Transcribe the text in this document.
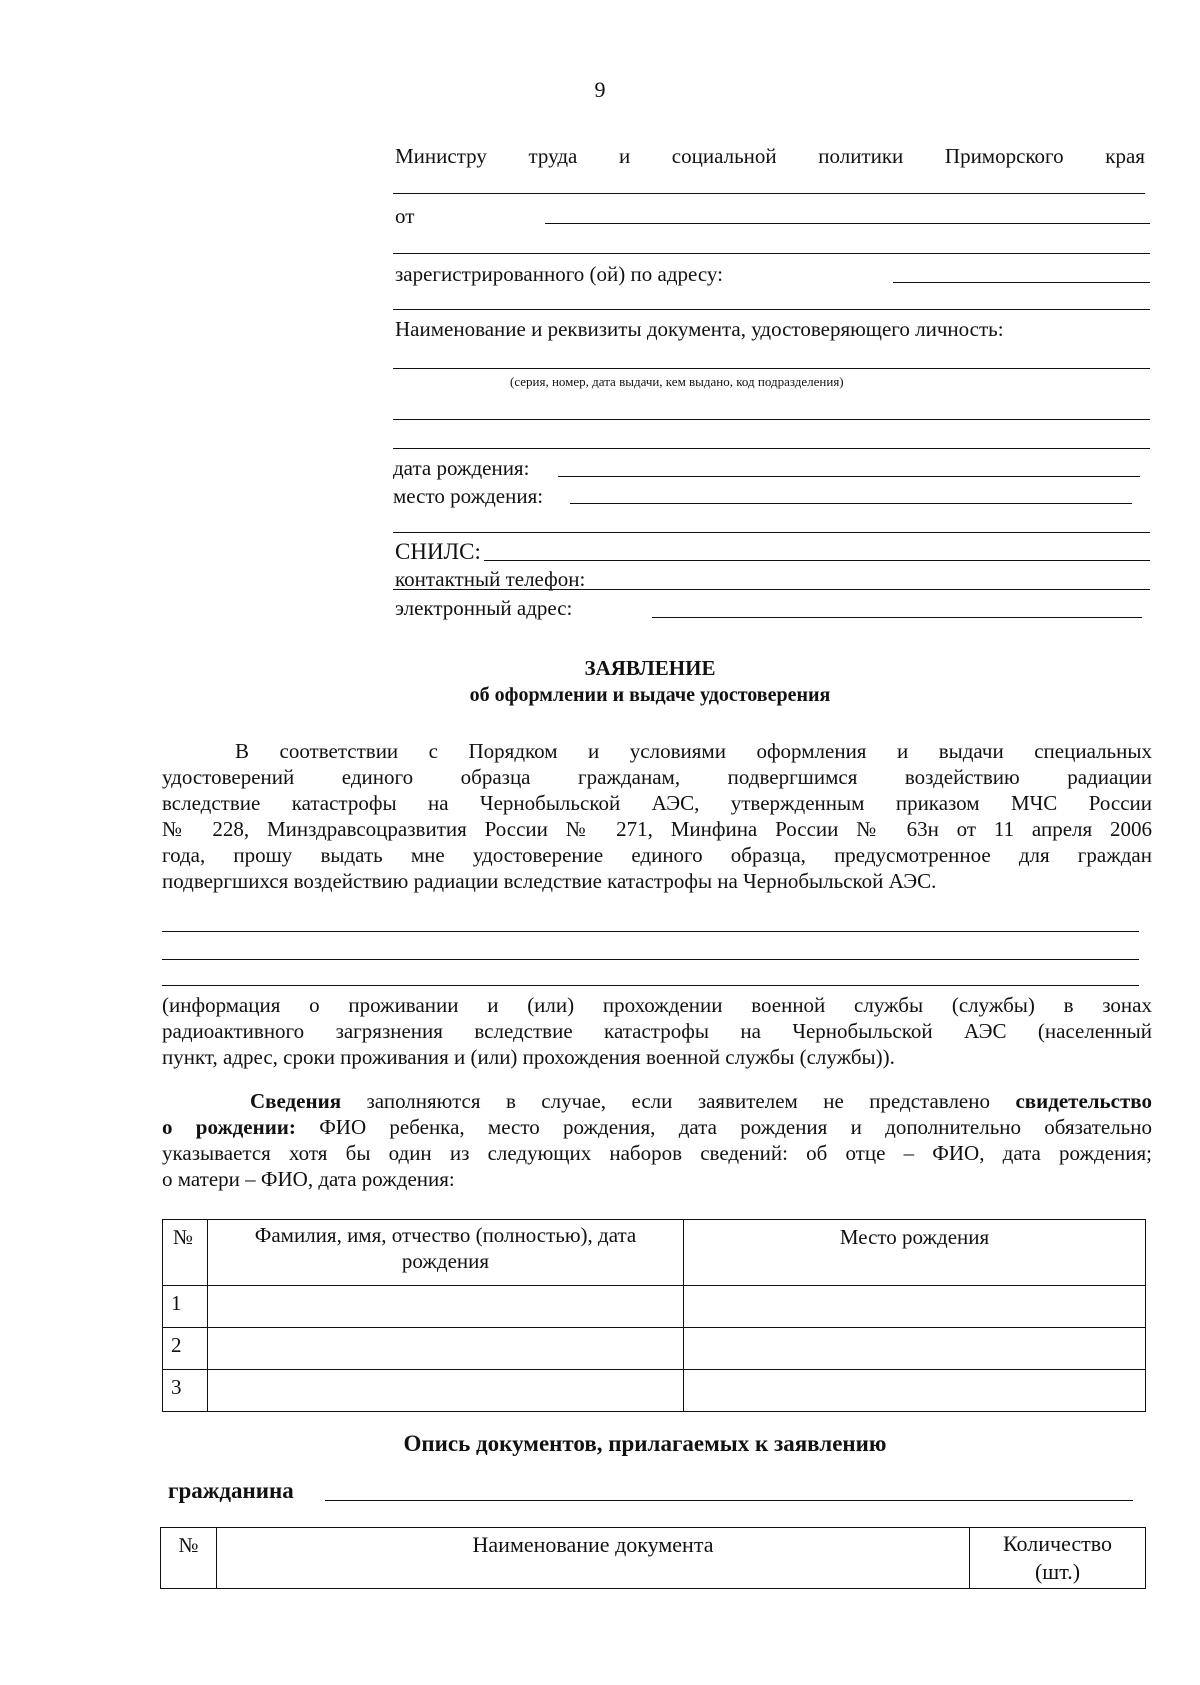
9
Министру труда и социальной политики Приморского края
от
зарегистрированного (ой) по адресу:
Наименование и реквизиты документа, удостоверяющего личность:
(серия, номер, дата выдачи, кем выдано, код подразделения)
дата рождения:
место рождения:
СНИЛС:
контактный телефон:
электронный адрес:
ЗАЯВЛЕНИЕ
об оформлении и выдаче удостоверения
В соответствии с Порядком и условиями оформления и выдачи специальных
удостоверений единого образца гражданам, подвергшимся воздействию радиации
вследствие катастрофы на Чернобыльской АЭС, утвержденным приказом МЧС России
№ 228, Минздравсоцразвития России № 271, Минфина России № 63н от 11 апреля 2006
года, прошу выдать мне удостоверение единого образца, предусмотренное для граждан
подвергшихся воздействию радиации вследствие катастрофы на Чернобыльской АЭС.
(информация о проживании и (или) прохождении военной службы (службы) в зонах
радиоактивного загрязнения вследствие катастрофы на Чернобыльской АЭС (населенный
пункт, адрес, сроки проживания и (или) прохождения военной службы (службы)).
Сведения заполняются в случае, если заявителем не представлено свидетельство
о рождении: ФИО ребенка, место рождения, дата рождения и дополнительно обязательно
указывается хотя бы один из следующих наборов сведений: об отце – ФИО, дата рождения;
о матери – ФИО, дата рождения:
№	Фамилия, имя, отчество (полностью), дата рождения	Место рождения

1		

2		

3		

Опись документов, прилагаемых к заявлению
гражданина
№	Наименование документа	Количество (шт.)
